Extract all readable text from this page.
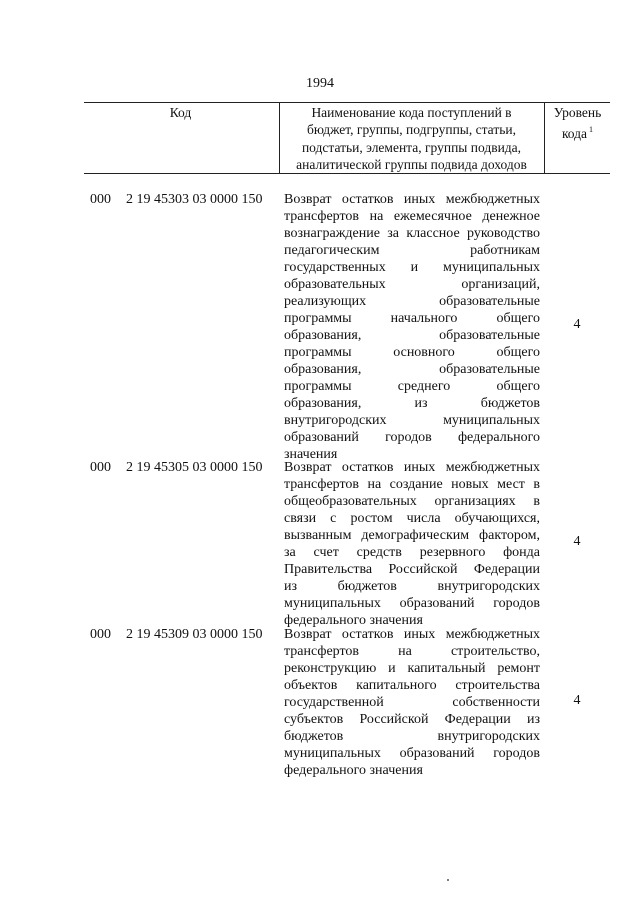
1994
Код	Наименование кода поступлений в
бюджет, группы, подгруппы, статьи,
подстатьи, элемента, группы подвида,
аналитической группы подвида доходов
Уровень
кода $^1$
000 2 19 45303 03 0000 150 Возврат остатков иных межбюджетных
трансфертов на ежемесячное денежное
вознаграждение за классное руководство
педагогическим работникам
государственных и муниципальных
образовательных организаций,
реализующих образовательные
программы начального общего
образования, образовательные
программы основного общего
образования, образовательные
программы среднего общего
образования, из бюджетов
внутригородских муниципальных
образований городов федерального
значения
4
000 2 19 45305 03 0000 150 Возврат остатков иных межбюджетных
трансфертов на создание новых мест в
общеобразовательных организациях в
связи с ростом числа обучающихся,
вызванным демографическим фактором,
за счет средств резервного фонда
Правительства Российской Федерации
из бюджетов внутригородских
муниципальных образований городов
федерального значения
4
000 2 19 45309 03 0000 150 Возврат остатков иных межбюджетных
трансфертов на строительство,
реконструкцию и капитальный ремонт
объектов капитального строительства
государственной собственности
субъектов Российской Федерации из
бюджетов внутригородских
муниципальных образований городов
федерального значения
4
